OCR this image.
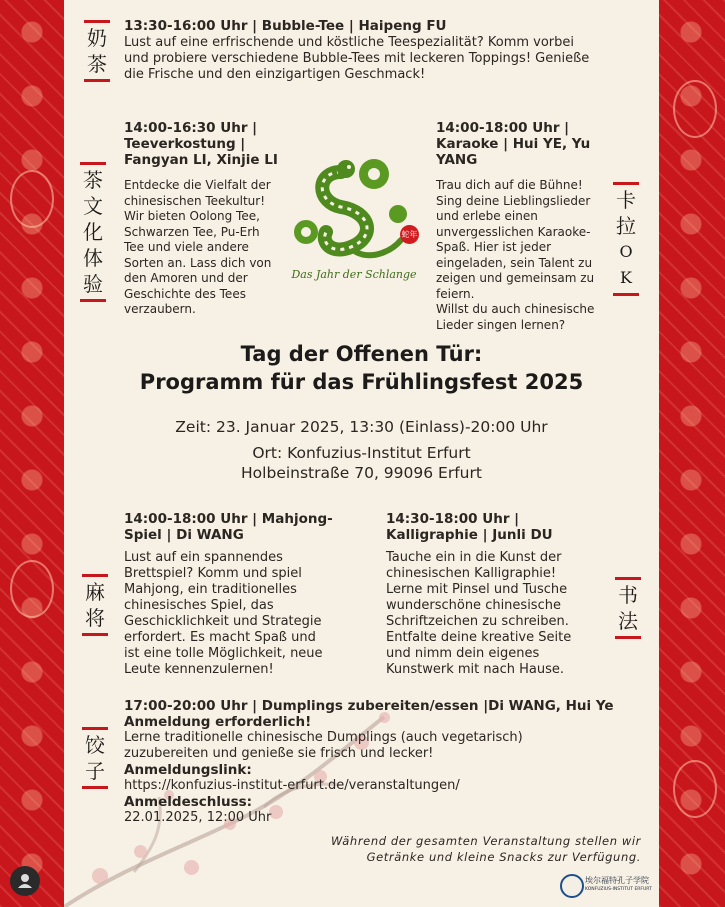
奶
茶
13:30-16:00 Uhr | Bubble-Tee | Haipeng FU
Lust auf eine erfrischende und köstliche Teespezialität? Komm vorbei
und probiere verschiedene Bubble-Tees mit leckeren Toppings! Genieße
die Frische und den einzigartigen Geschmack!
茶
文
化
体
验
14:00-16:30 Uhr |
Teeverkostung |
Fangyan LI, Xinjie LI
Entdecke die Vielfalt der
chinesischen Teekultur!
Wir bieten Oolong Tee,
Schwarzen Tee, Pu-Erh
Tee und viele andere
Sorten an. Lass dich von
den Amoren und der
Geschichte des Tees
verzaubern.
蛇年
Das Jahr der Schlange
14:00-18:00 Uhr |
Karaoke | Hui YE, Yu
YANG
Trau dich auf die Bühne!
Sing deine Lieblingslieder
und erlebe einen
unvergesslichen Karaoke-
Spaß. Hier ist jeder
eingeladen, sein Talent zu
zeigen und gemeinsam zu
feiern.
Willst du auch chinesische
Lieder singen lernen?
卡
拉
O
K
Tag der Offenen Tür:
Programm für das Frühlingsfest 2025
Zeit: 23. Januar 2025, 13:30 (Einlass)-20:00 Uhr
Ort: Konfuzius-Institut Erfurt
Holbeinstraße 70, 99096 Erfurt
14:00-18:00 Uhr | Mahjong-
Spiel | Di WANG
Lust auf ein spannendes
Brettspiel? Komm und spiel
Mahjong, ein traditionelles
chinesisches Spiel, das
Geschicklichkeit und Strategie
erfordert. Es macht Spaß und
ist eine tolle Möglichkeit, neue
Leute kennenzulernen!
麻
将
14:30-18:00 Uhr |
Kalligraphie | Junli DU
Tauche ein in die Kunst der
chinesischen Kalligraphie!
Lerne mit Pinsel und Tusche
wunderschöne chinesische
Schriftzeichen zu schreiben.
Entfalte deine kreative Seite
und nimm dein eigenes
Kunstwerk mit nach Hause.
书
法
饺
子
17:00-20:00 Uhr | Dumplings zubereiten/essen |Di WANG, Hui Ye
Anmeldung erforderlich!
Lerne traditionelle chinesische Dumplings (auch vegetarisch)
zuzubereiten und genieße sie frisch und lecker!
Anmeldungslink:
https://konfuzius-institut-erfurt.de/veranstaltungen/
Anmeldeschluss:
22.01.2025, 12:00 Uhr
Während der gesamten Veranstaltung stellen wir
Getränke und kleine Snacks zur Verfügung.
埃尔福特孔子学院
KONFUZIUS-INSTITUT ERFURT
